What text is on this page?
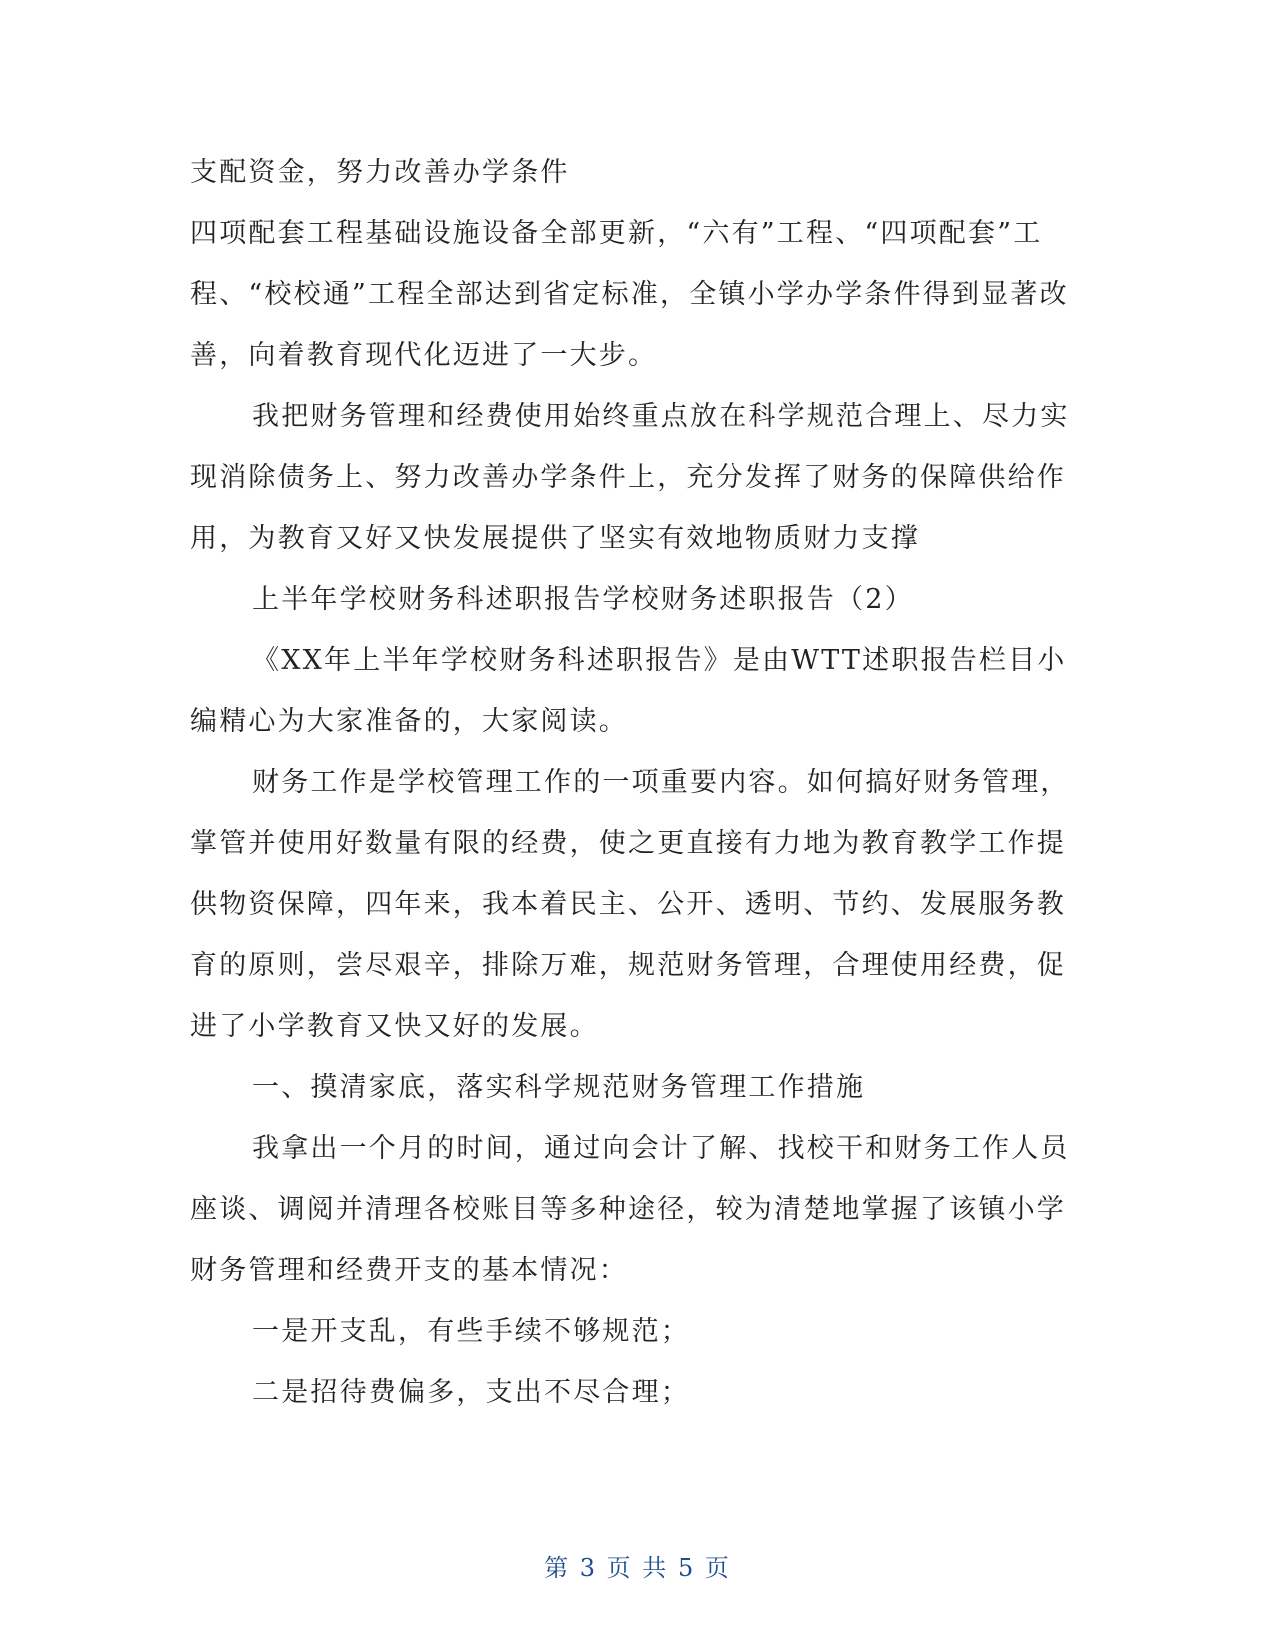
支配资金，努力改善办学条件

四项配套工程基础设施设备全部更新，“六有”工程、“四项配套”工程、“校校通”工程全部达到省定标准，全镇小学办学条件得到显著改善，向着教育现代化迈进了一大步。

我把财务管理和经费使用始终重点放在科学规范合理上、尽力实现消除债务上、努力改善办学条件上，充分发挥了财务的保障供给作用，为教育又好又快发展提供了坚实有效地物质财力支撑

上半年学校财务科述职报告学校财务述职报告（2）

《XX年上半年学校财务科述职报告》是由WTT述职报告栏目小编精心为大家准备的，大家阅读。

财务工作是学校管理工作的一项重要内容。如何搞好财务管理，掌管并使用好数量有限的经费，使之更直接有力地为教育教学工作提供物资保障，四年来，我本着民主、公开、透明、节约、发展服务教育的原则，尝尽艰辛，排除万难，规范财务管理，合理使用经费，促进了小学教育又快又好的发展。

一、摸清家底，落实科学规范财务管理工作措施

我拿出一个月的时间，通过向会计了解、找校干和财务工作人员座谈、调阅并清理各校账目等多种途径，较为清楚地掌握了该镇小学财务管理和经费开支的基本情况：

一是开支乱，有些手续不够规范；

二是招待费偏多，支出不尽合理；

第 3 页 共 5 页
